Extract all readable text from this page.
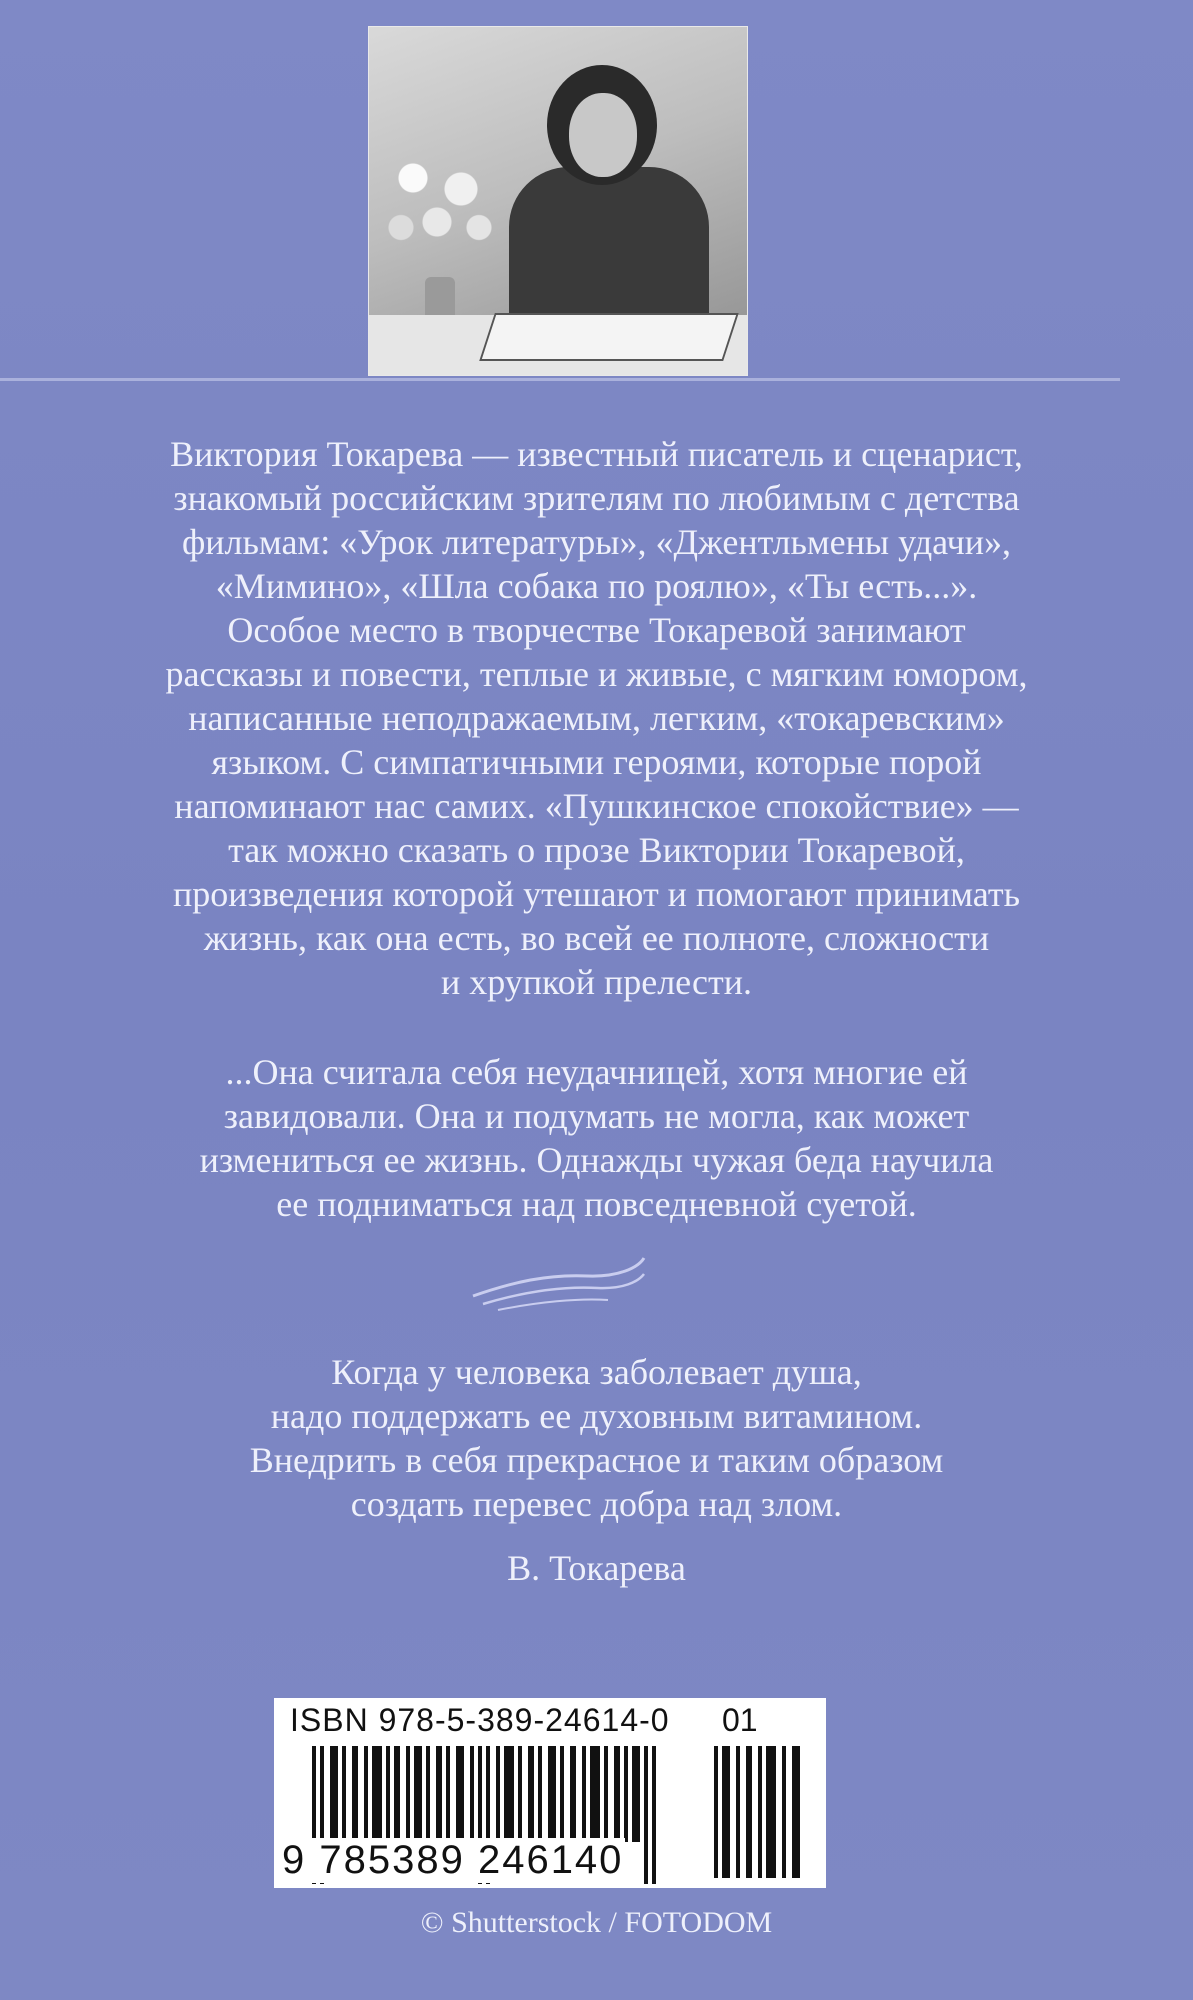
Виктория Токарева — известный писатель и сценарист,
знакомый российским зрителям по любимым с детства
фильмам: «Урок литературы», «Джентльмены удачи»,
«Мимино», «Шла собака по роялю», «Ты есть...».
Особое место в творчестве Токаревой занимают
рассказы и повести, теплые и живые, с мягким юмором,
написанные неподражаемым, легким, «токаревским»
языком. С симпатичными героями, которые порой
напоминают нас самих. «Пушкинское спокойствие» —
так можно сказать о прозе Виктории Токаревой,
произведения которой утешают и помогают принимать
жизнь, как она есть, во всей ее полноте, сложности
и хрупкой прелести.

...Она считала себя неудачницей, хотя многие ей
завидовали. Она и подумать не могла, как может
измениться ее жизнь. Однажды чужая беда научила
ее подниматься над повседневной суетой.

Когда у человека заболевает душа,
надо поддержать ее духовным витамином.
Внедрить в себя прекрасное и таким образом
создать перевес добра над злом.

В. Токарева
ISBN 978-5-389-24614-0 01
9 785389 246140
© Shutterstock / FOTODOM
